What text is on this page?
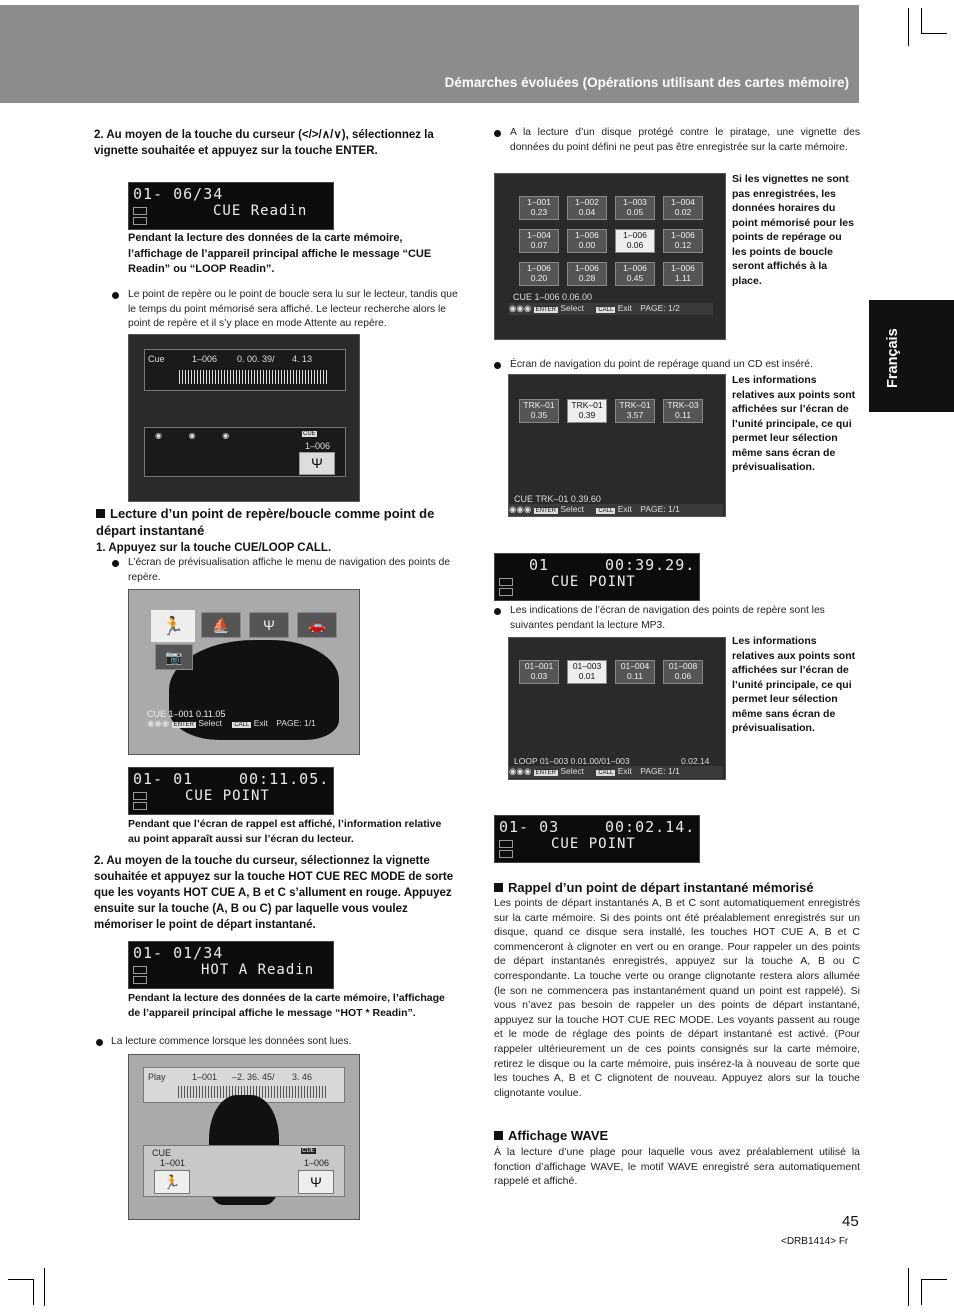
Démarches évoluées (Opérations utilisant des cartes mémoire)
Français
2. Au moyen de la touche du curseur (</>/∧/∨), sélectionnez la vignette souhaitée et appuyez sur la touche ENTER.
01- 06/34
CUE Readin
Pendant la lecture des données de la carte mémoire, l’affichage de l’appareil principal affiche le message “CUE Readin” ou “LOOP Readin”.
Le point de repère ou le point de boucle sera lu sur le lecteur, tandis que le temps du point mémorisé sera affiché. Le lecteur recherche alors le point de repère et il s’y place en mode Attente au repère.
Cue	1–006 0. 00. 39/ 4. 13
◉            ◉            ◉	CUE
1–006
Ψ
Lecture d’un point de repère/boucle comme point de départ instantané
1. Appuyez sur la touche CUE/LOOP CALL.
L’écran de prévisualisation affiche le menu de navigation des points de repère.
🏃	⛵	Ψ	🚗
📷
CUE 1–001 0.11.05
◉◉◉ ENTER Select CALL Exit PAGE: 1/1
01- 01	00:11.05.
CUE POINT
Pendant que l’écran de rappel est affiché, l’information relative au point apparaît aussi sur l’écran du lecteur.
2. Au moyen de la touche du curseur, sélectionnez la vignette souhaitée et appuyez sur la touche HOT CUE REC MODE de sorte que les voyants HOT CUE A, B et C s’allument en rouge. Appuyez ensuite sur la touche (A, B ou C) par laquelle vous voulez mémoriser le point de départ instantané.
01- 01/34
HOT A Readin
Pendant la lecture des données de la carte mémoire, l’affichage de l’appareil principal affiche le message “HOT * Readin”.
La lecture commence lorsque les données sont lues.
Play	1–001 –2. 36. 45/ 3. 46
CUE
1–001
🏃
CUE
1–006
Ψ
A la lecture d’un disque protégé contre le piratage, une vignette des données du point défini ne peut pas être enregistrée sur la carte mémoire.
1–001
0.23
1–002
0.04
1–003
0.05
1–004
0.02
1–004
0.07
1–006
0.00
1–006
0.06
1–006
0.12
1–006
0.20
1–006
0.28
1–006
0.45
1–006
1.11
CUE 1–006 0.06.00
◉◉◉ ENTER Select CALL Exit PAGE: 1/2
Si les vignettes ne sont pas enregistrées, les données horaires du point mémorisé pour les points de repérage ou les points de boucle seront affichés à la place.
Écran de navigation du point de repérage quand un CD est inséré.
TRK–01
0.35
TRK–01
0.39
TRK–01
3.57
TRK–03
0.11
CUE TRK–01 0.39.60
◉◉◉ ENTER Select CALL Exit PAGE: 1/1
Les informations relatives aux points sont affichées sur l’écran de l’unité principale, ce qui permet leur sélection même sans écran de prévisualisation.
01	00:39.29.
CUE POINT
Les indications de l’écran de navigation des points de repère sont les suivantes pendant la lecture MP3.
01–001
0.03
01–003
0.01
01–004
0.11
01–008
0.06
LOOP 01–003 0.01.00/01–003	0.02.14
◉◉◉ ENTER Select CALL Exit PAGE: 1/1
Les informations relatives aux points sont affichées sur l’écran de l’unité principale, ce qui permet leur sélection même sans écran de prévisualisation.
01- 03	00:02.14.
CUE POINT
Rappel d’un point de départ instantané mémorisé
Les points de départ instantanés A, B et C sont automatiquement enregistrés sur la carte mémoire. Si des points ont été préalablement enregistrés sur un disque, quand ce disque sera installé, les touches HOT CUE A, B et C commenceront à clignoter en vert ou en orange. Pour rappeler un des points de départ instantanés enregistrés, appuyez sur la touche A, B ou C correspondante. La touche verte ou orange clignotante restera alors allumée (le son ne commencera pas instantanément quand un point est rappelé). Si vous n’avez pas besoin de rappeler un des points de départ instantané, appuyez sur la touche HOT CUE REC MODE. Les voyants passent au rouge et le mode de réglage des points de départ instantané est activé. (Pour rappeler ultérieurement un de ces points consignés sur la carte mémoire, retirez le disque ou la carte mémoire, puis insérez-la à nouveau de sorte que les touches A, B et C clignotent de nouveau. Appuyez alors sur la touche clignotante voulue.
Affichage WAVE
À la lecture d’une plage pour laquelle vous avez préalablement utilisé la fonction d’affichage WAVE, le motif WAVE enregistré sera automatiquement rappelé et affiché.
45
<DRB1414> Fr
